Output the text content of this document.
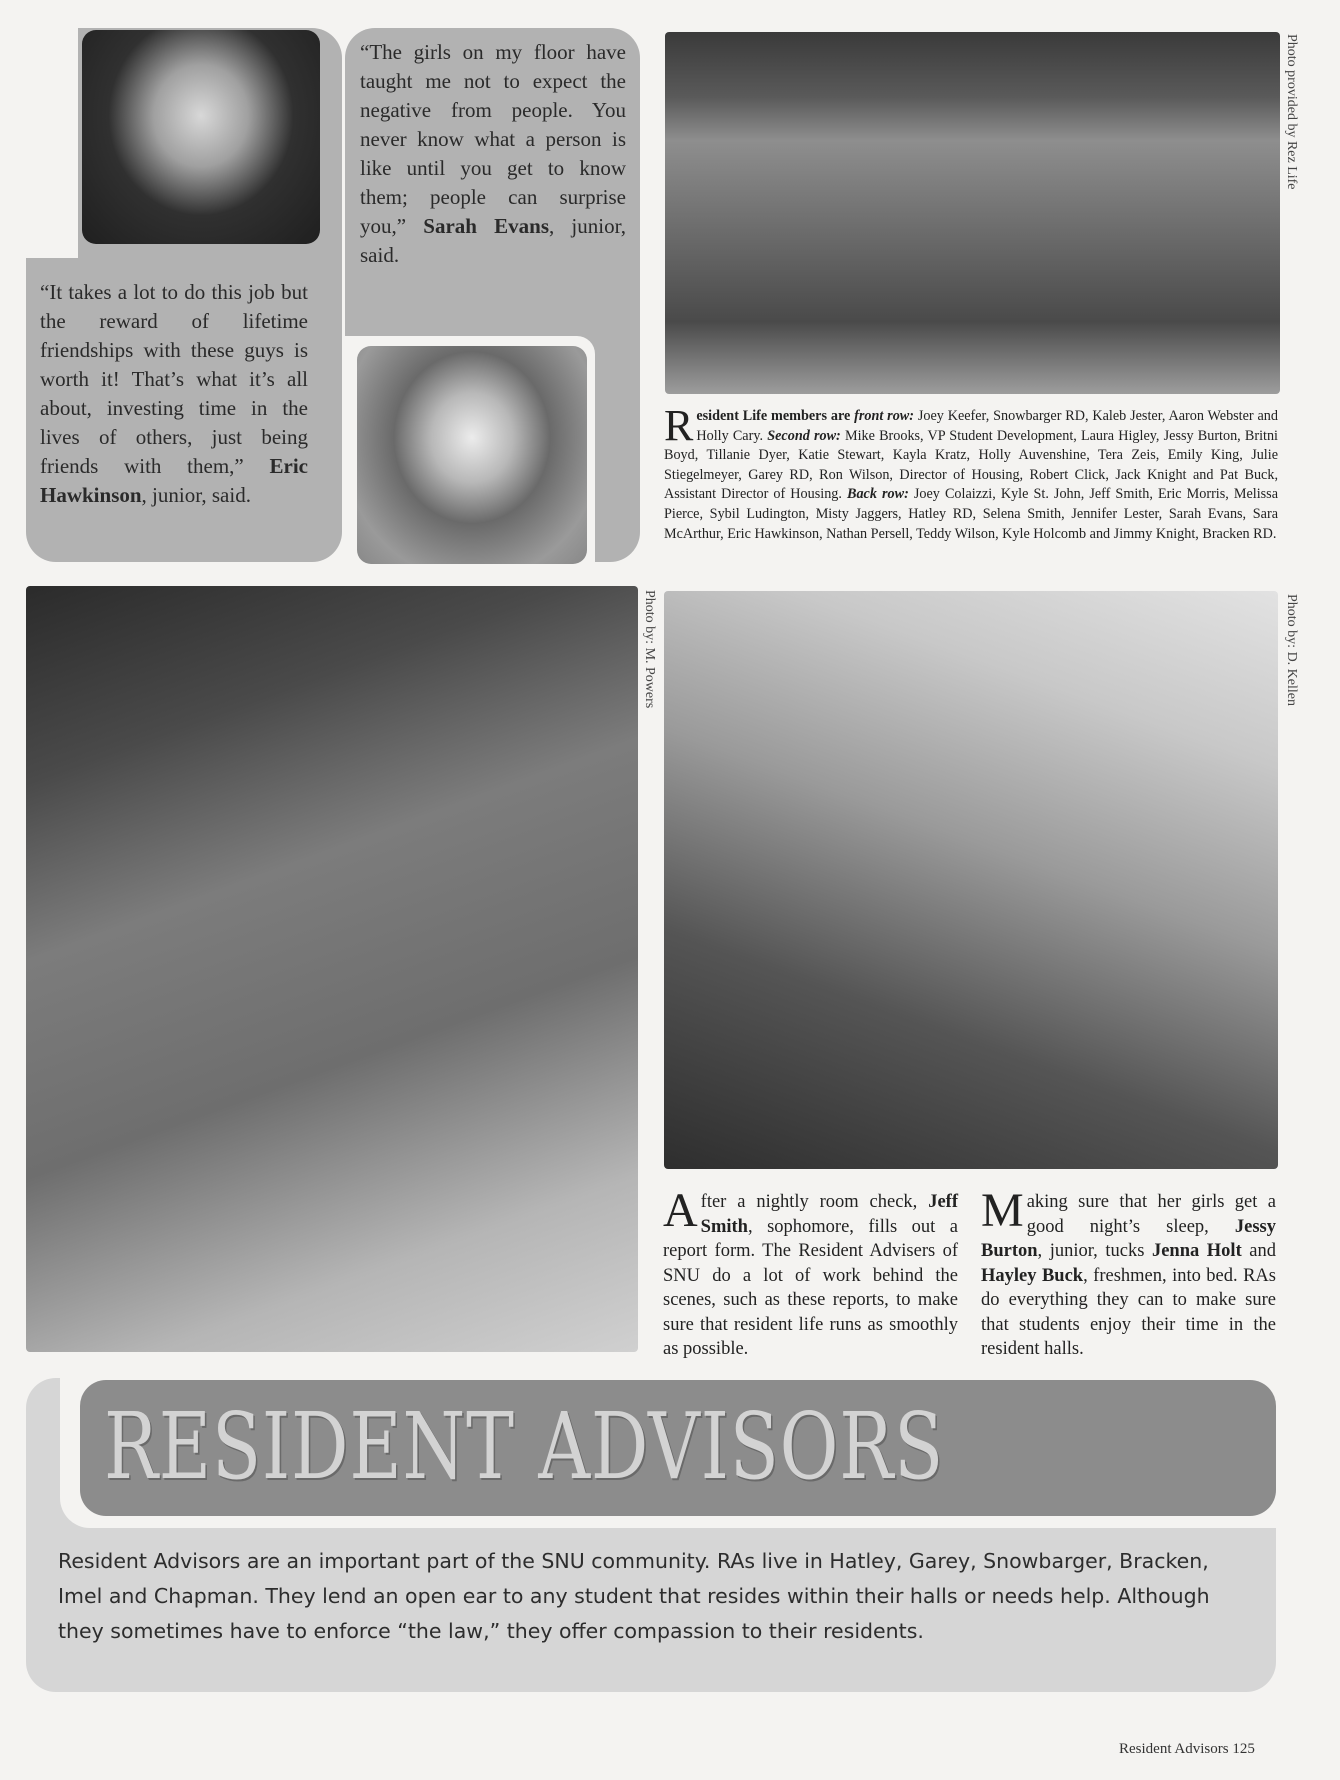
“It takes a lot to do this job but the reward of lifetime friendships with these guys is worth it! That’s what it’s all about, investing time in the lives of others, just being friends with them,” Eric Hawkinson, junior, said.
“The girls on my floor have taught me not to expect the negative from people. You never know what a person is like until you get to know them; people can surprise you,” Sarah Evans, junior, said.
Photo provided by Rez Life
Resident Life members are front row: Joey Keefer, Snowbarger RD, Kaleb Jester, Aaron Webster and Holly Cary. Second row: Mike Brooks, VP Student Development, Laura Higley, Jessy Burton, Britni Boyd, Tillanie Dyer, Katie Stewart, Kayla Kratz, Holly Auvenshine, Tera Zeis, Emily King, Julie Stiegelmeyer, Garey RD, Ron Wilson, Director of Housing, Robert Click, Jack Knight and Pat Buck, Assistant Director of Housing. Back row: Joey Colaizzi, Kyle St. John, Jeff Smith, Eric Morris, Melissa Pierce, Sybil Ludington, Misty Jaggers, Hatley RD, Selena Smith, Jennifer Lester, Sarah Evans, Sara McArthur, Eric Hawkinson, Nathan Persell, Teddy Wilson, Kyle Holcomb and Jimmy Knight, Bracken RD.
Photo by: M. Powers	Photo by: D. Kellen
After a nightly room check, Jeff Smith, sophomore, fills out a report form. The Resident Advisers of SNU do a lot of work behind the scenes, such as these reports, to make sure that resident life runs as smoothly as possible.
Making sure that her girls get a good night’s sleep, Jessy Burton, junior, tucks Jenna Holt and Hayley Buck, freshmen, into bed. RAs do everything they can to make sure that students enjoy their time in the resident halls.
RESIDENT ADVISORS
Resident Advisors are an important part of the SNU community. RAs live in Hatley, Garey, Snowbarger, Bracken, Imel and Chapman. They lend an open ear to any student that resides within their halls or needs help. Although they sometimes have to enforce “the law,” they offer compassion to their residents.
Resident Advisors 125
